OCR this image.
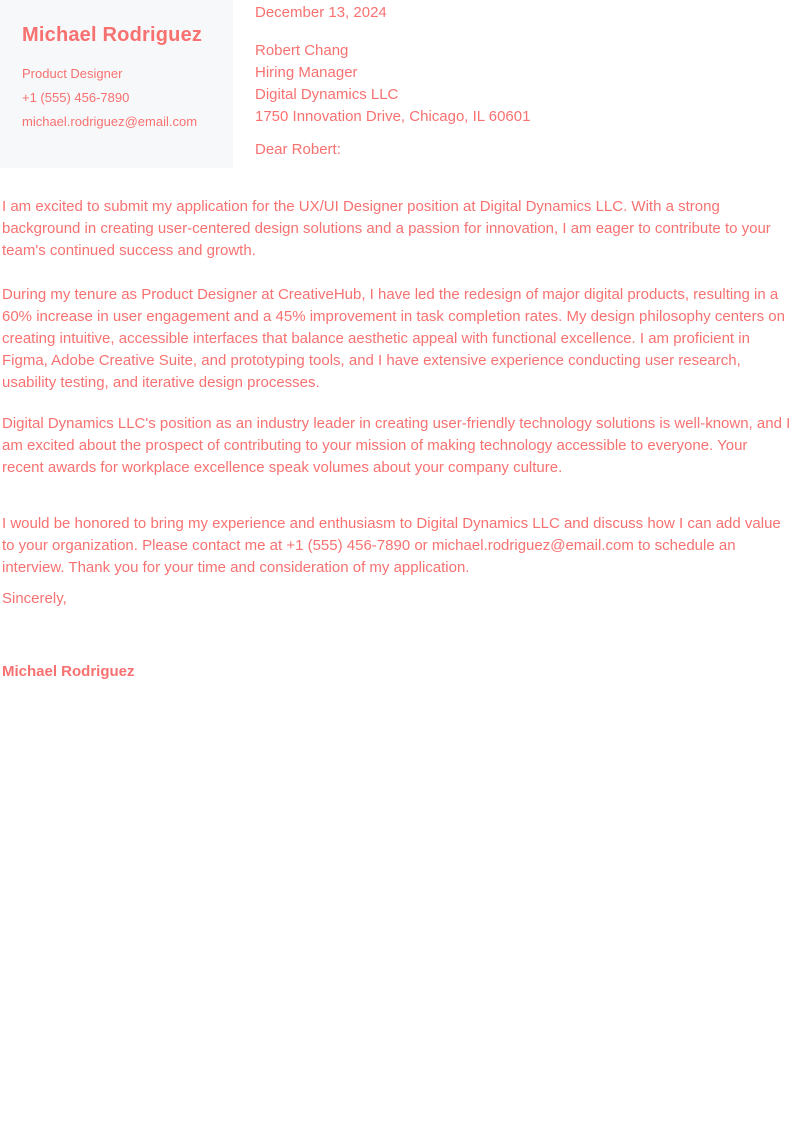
Michael Rodriguez

Product Designer

+1 (555) 456-7890

michael.rodriguez@email.com

December 13, 2024

Robert Chang

Hiring Manager

Digital Dynamics LLC

1750 Innovation Drive, Chicago, IL 60601

Dear Robert:

I am excited to submit my application for the UX/UI Designer position at Digital Dynamics LLC. With a strong background in creating user-centered design solutions and a passion for innovation, I am eager to contribute to your team's continued success and growth.

During my tenure as Product Designer at CreativeHub, I have led the redesign of major digital products, resulting in a 60% increase in user engagement and a 45% improvement in task completion rates. My design philosophy centers on creating intuitive, accessible interfaces that balance aesthetic appeal with functional excellence. I am proficient in Figma, Adobe Creative Suite, and prototyping tools, and I have extensive experience conducting user research, usability testing, and iterative design processes.

Digital Dynamics LLC's position as an industry leader in creating user-friendly technology solutions is well-known, and I am excited about the prospect of contributing to your mission of making technology accessible to everyone. Your recent awards for workplace excellence speak volumes about your company culture.

I would be honored to bring my experience and enthusiasm to Digital Dynamics LLC and discuss how I can add value to your organization. Please contact me at +1 (555) 456-7890 or michael.rodriguez@email.com to schedule an interview. Thank you for your time and consideration of my application.

Sincerely,

Michael Rodriguez
